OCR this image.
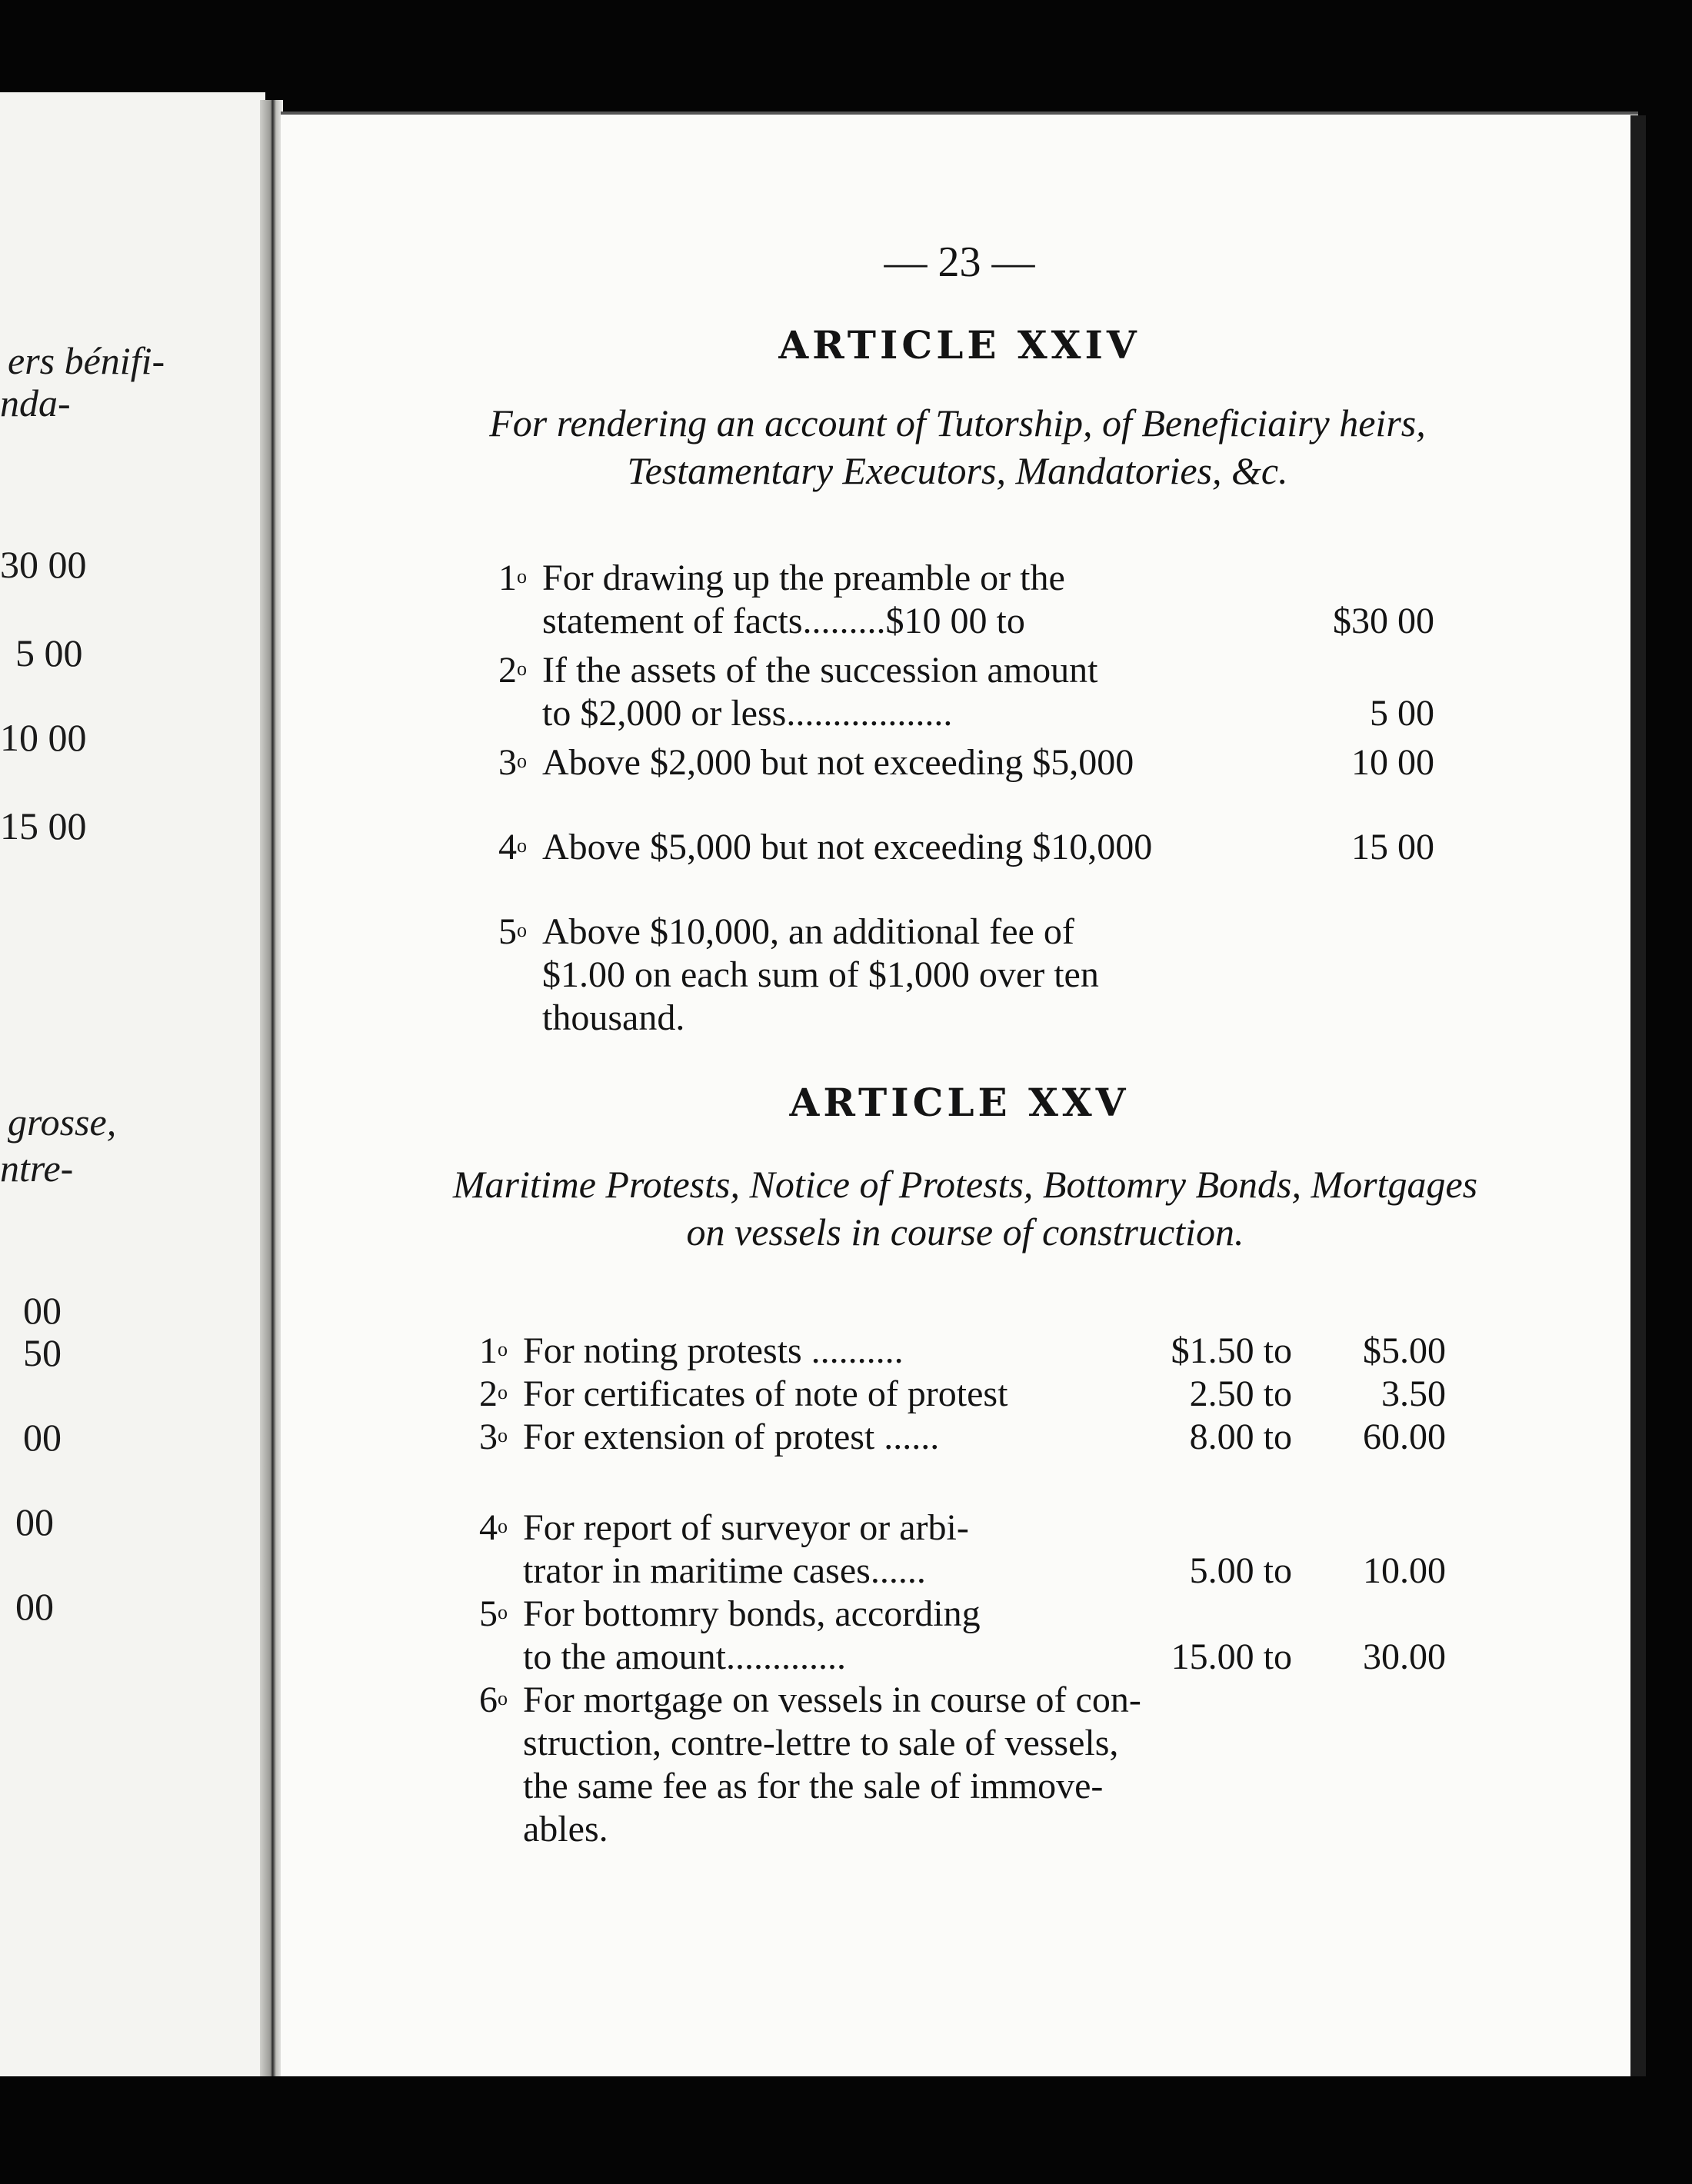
ers bénifi-
nda-
30 00
5 00
10 00
15 00
grosse,
ntre-
00
50
00
00
00
— 23 —
ARTICLE XXIV
For rendering an account of Tutorship, of Beneficiairy heirs, Testamentary Executors, Mandatories, &c.
1$^o$ For drawing up the preamble or the
statement of facts.........$10 00 to	$30 00
2$^o$ If the assets of the succession amount
to $2,000 or less..................	5 00
3$^o$ Above $2,000 but not exceeding $5,000	10 00
4$^o$ Above $5,000 but not exceeding $10,000	15 00
5$^o$ Above $10,000, an additional fee of
$1.00 on each sum of $1,000 over ten
thousand.
ARTICLE XXV
Maritime Protests, Notice of Protests, Bottomry Bonds, Mortgages on vessels in course of construction.
1$^o$ For noting protests ..........	$1.50 to	$5.00
2$^o$ For certificates of note of protest	2.50 to	3.50
3$^o$ For extension of protest ......	8.00 to	60.00
4$^o$ For report of surveyor or arbi-
trator in maritime cases......	5.00 to	10.00
5$^o$ For bottomry bonds, according
to the amount.............	15.00 to	30.00
6$^o$ For mortgage on vessels in course of con-
struction, contre-lettre to sale of vessels,
the same fee as for the sale of immove-
ables.
